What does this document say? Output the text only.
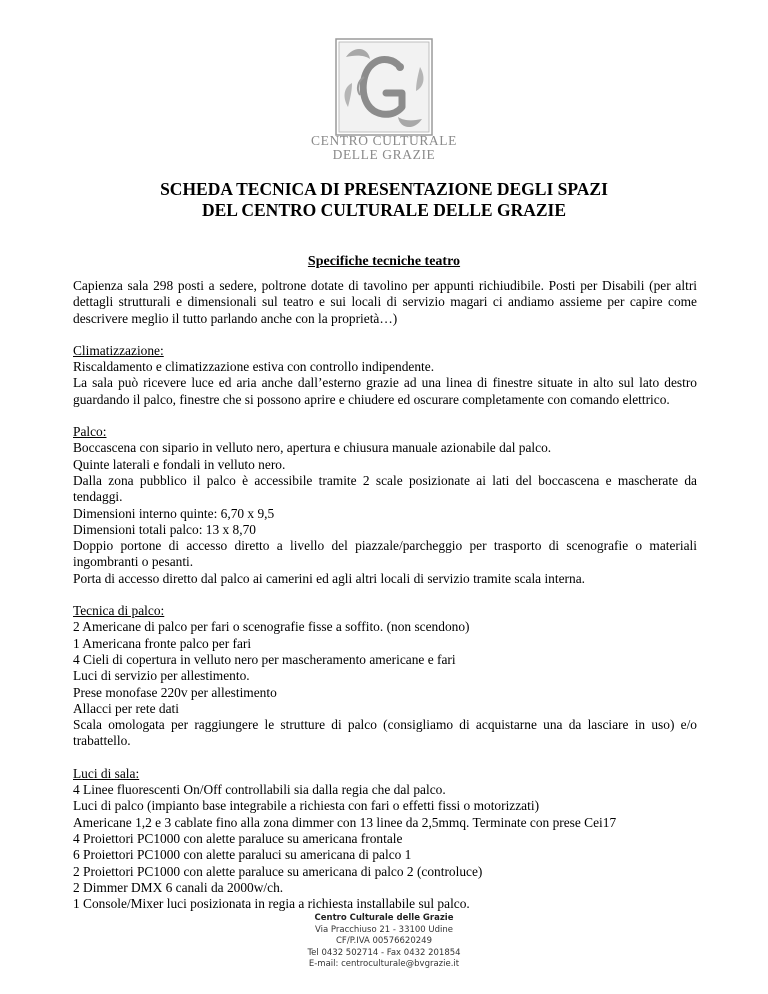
CENTRO CULTURALE
DELLE GRAZIE
SCHEDA TECNICA DI PRESENTAZIONE DEGLI SPAZI
DEL CENTRO CULTURALE DELLE GRAZIE
Specifiche tecniche teatro

Capienza sala 298 posti a sedere, poltrone dotate di tavolino per appunti richiudibile. Posti per Disabili (per altri dettagli strutturali e dimensionali sul teatro e sui locali di servizio magari ci andiamo assieme per capire come descrivere meglio il tutto parlando anche con la proprietà…)

Climatizzazione:
Riscaldamento e climatizzazione estiva con controllo indipendente.
La sala può ricevere luce ed aria anche dall’esterno grazie ad una linea di finestre situate in alto sul lato destro guardando il palco, finestre che si possono aprire e chiudere ed oscurare completamente con comando elettrico.
Palco:
Boccascena con sipario in velluto nero, apertura e chiusura manuale azionabile dal palco.
Quinte laterali e fondali in velluto nero.
Dalla zona pubblico il palco è accessibile tramite 2 scale posizionate ai lati del boccascena e mascherate da tendaggi.
Dimensioni interno quinte: 6,70 x 9,5
Dimensioni totali palco: 13 x 8,70
Doppio portone di accesso diretto a livello del piazzale/parcheggio per trasporto di scenografie o materiali ingombranti o pesanti.
Porta di accesso diretto dal palco ai camerini ed agli altri locali di servizio tramite scala interna.
Tecnica di palco:
2 Americane di palco per fari o scenografie fisse a soffito. (non scendono)
1 Americana fronte palco per fari
4 Cieli di copertura in velluto nero per mascheramento americane e fari
Luci di servizio per allestimento.
Prese monofase 220v per allestimento
Allacci per rete dati
Scala omologata per raggiungere le strutture di palco (consigliamo di acquistarne una da lasciare in uso) e/o trabattello.
Luci di sala:
4 Linee fluorescenti On/Off controllabili sia dalla regia che dal palco.
Luci di palco (impianto base integrabile a richiesta con fari o effetti fissi o motorizzati)
Americane 1,2 e 3 cablate fino alla zona dimmer con 13 linee da 2,5mmq. Terminate con prese Cei17
4 Proiettori PC1000 con alette paraluce su americana frontale
6 Proiettori PC1000 con alette paraluci su americana di palco 1
2 Proiettori PC1000 con alette paraluce su americana di palco 2 (controluce)
2 Dimmer DMX 6 canali da 2000w/ch.
1 Console/Mixer luci posizionata in regia a richiesta installabile sul palco.
Centro Culturale delle Grazie
Via Pracchiuso 21 - 33100 Udine
CF/P.IVA 00576620249
Tel 0432 502714 - Fax 0432 201854
E-mail: centroculturale@bvgrazie.it
